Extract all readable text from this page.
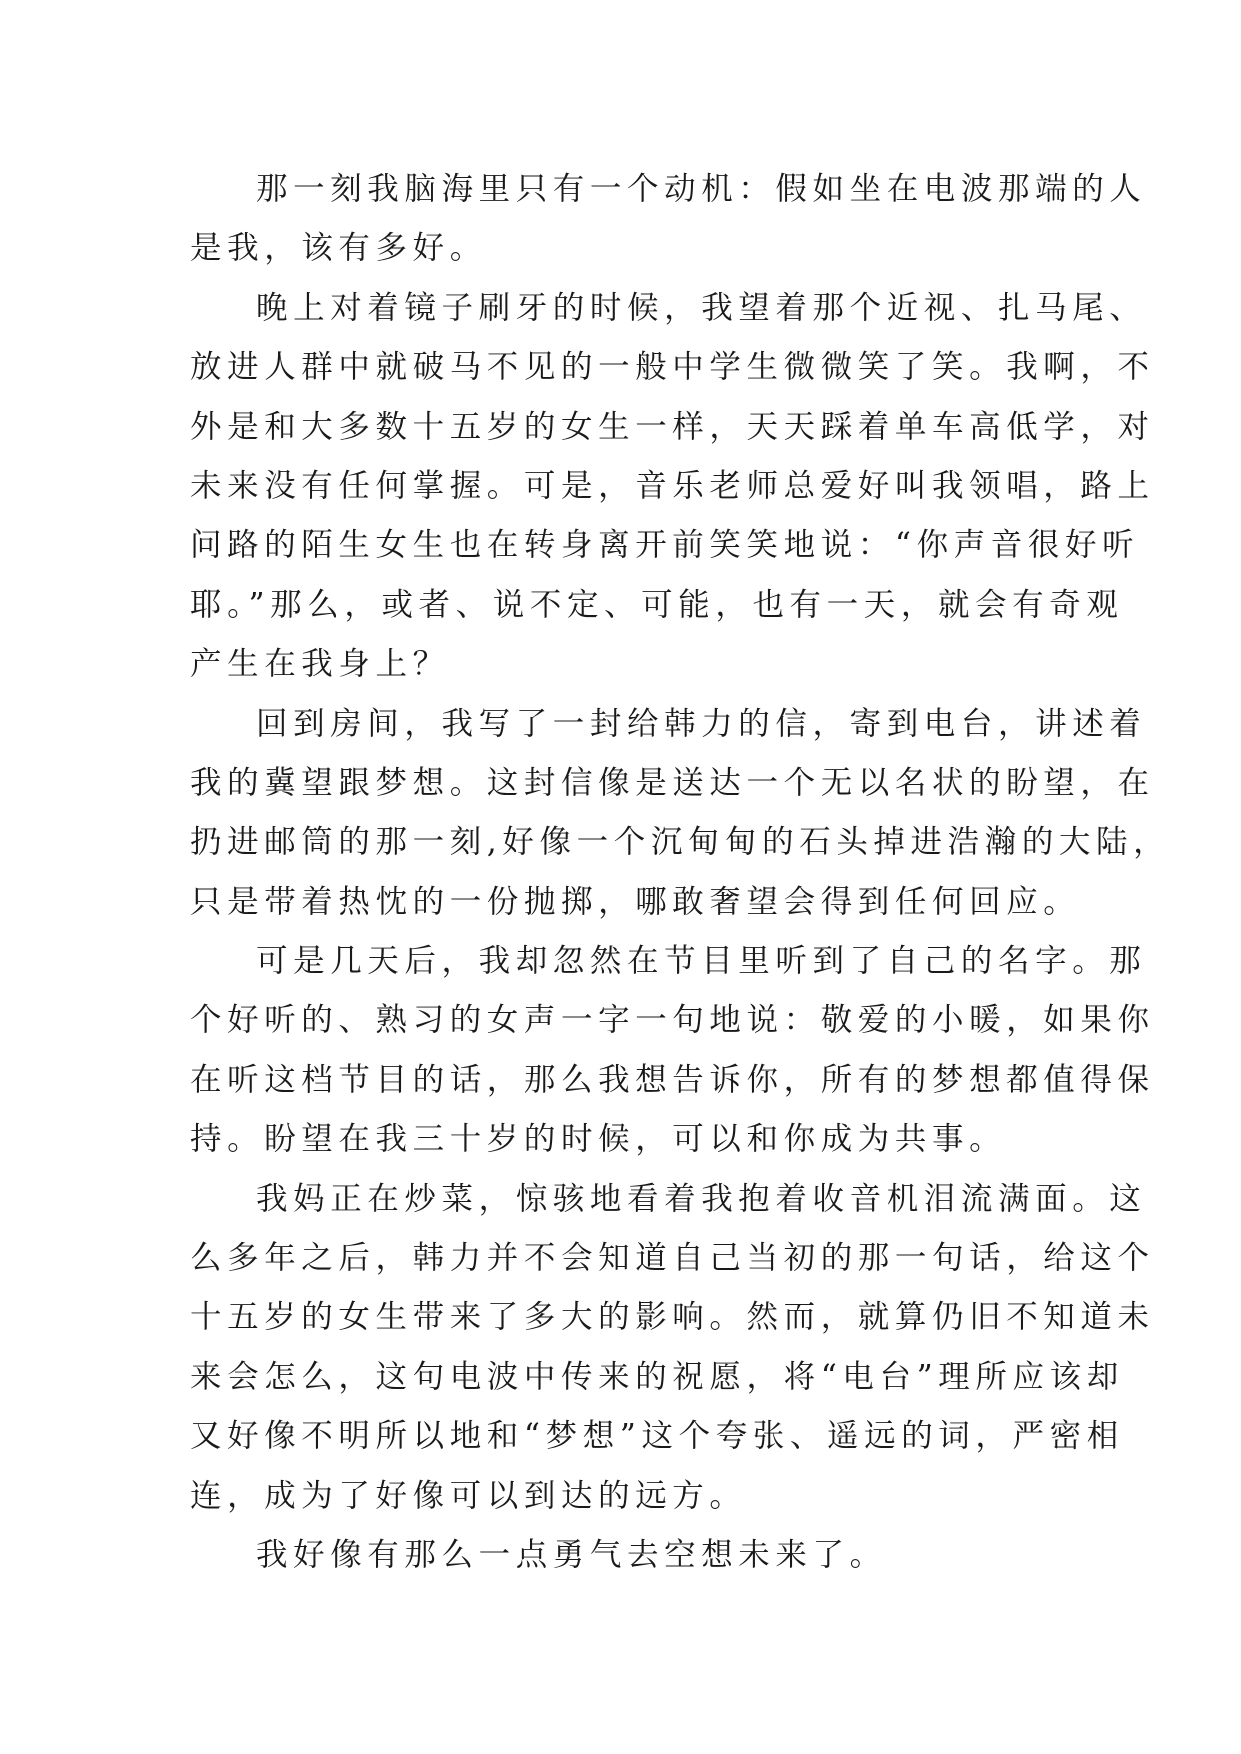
那一刻我脑海里只有一个动机：假如坐在电波那端的人
是我，该有多好。
晚上对着镜子刷牙的时候，我望着那个近视、扎马尾、
放进人群中就破马不见的一般中学生微微笑了笑。我啊，不
外是和大多数十五岁的女生一样，天天踩着单车高低学，对
未来没有任何掌握。可是，音乐老师总爱好叫我领唱，路上
问路的陌生女生也在转身离开前笑笑地说：“你声音很好听
耶。”那么，或者、说不定、可能，也有一天，就会有奇观
产生在我身上？
回到房间，我写了一封给韩力的信，寄到电台，讲述着
我的冀望跟梦想。这封信像是送达一个无以名状的盼望，在
扔进邮筒的那一刻,好像一个沉甸甸的石头掉进浩瀚的大陆，
只是带着热忱的一份抛掷，哪敢奢望会得到任何回应。
可是几天后，我却忽然在节目里听到了自己的名字。那
个好听的、熟习的女声一字一句地说：敬爱的小暖，如果你
在听这档节目的话，那么我想告诉你，所有的梦想都值得保
持。盼望在我三十岁的时候，可以和你成为共事。
我妈正在炒菜，惊骇地看着我抱着收音机泪流满面。这
么多年之后，韩力并不会知道自己当初的那一句话，给这个
十五岁的女生带来了多大的影响。然而，就算仍旧不知道未
来会怎么，这句电波中传来的祝愿，将“电台”理所应该却
又好像不明所以地和“梦想”这个夸张、遥远的词，严密相
连，成为了好像可以到达的远方。
我好像有那么一点勇气去空想未来了。
